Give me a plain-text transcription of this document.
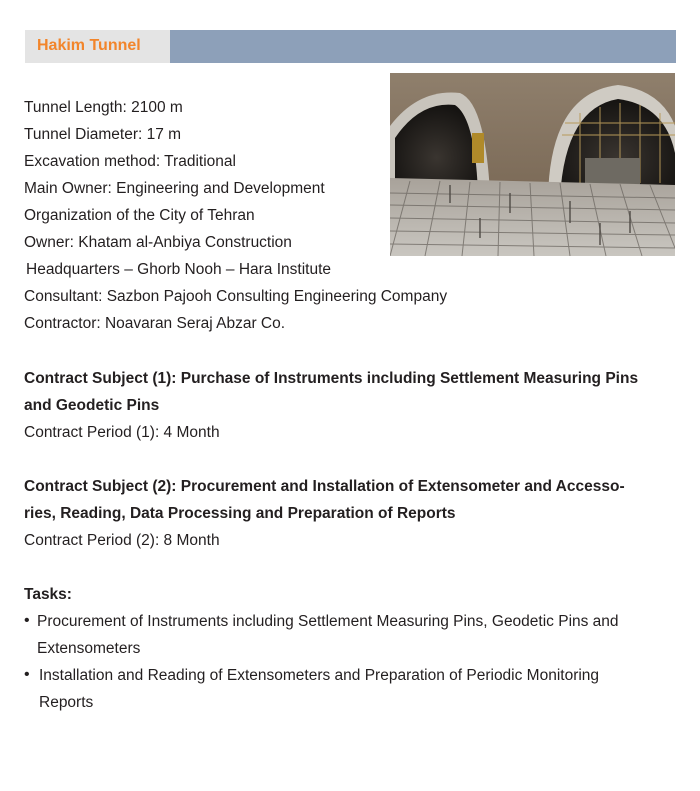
Hakim Tunnel
Tunnel Length: 2100 m
Tunnel Diameter: 17 m
Excavation method: Traditional
Main Owner: Engineering and Development
Organization of the City of Tehran
Owner: Khatam al-Anbiya Construction
Headquarters – Ghorb Nooh – Hara Institute
Consultant: Sazbon Pajooh Consulting Engineering Company
Contractor: Noavaran Seraj Abzar Co.
Contract Subject (1): Purchase of Instruments including Settlement Measuring Pins
and Geodetic Pins
Contract Period (1): 4 Month
Contract Subject (2): Procurement and Installation of Extensometer and Accesso-
ries, Reading, Data Processing and Preparation of Reports
Contract Period (2): 8 Month
Tasks:
• Procurement of Instruments including Settlement Measuring Pins, Geodetic Pins and
Extensometers
• Installation and Reading of Extensometers and Preparation of Periodic Monitoring
Reports
